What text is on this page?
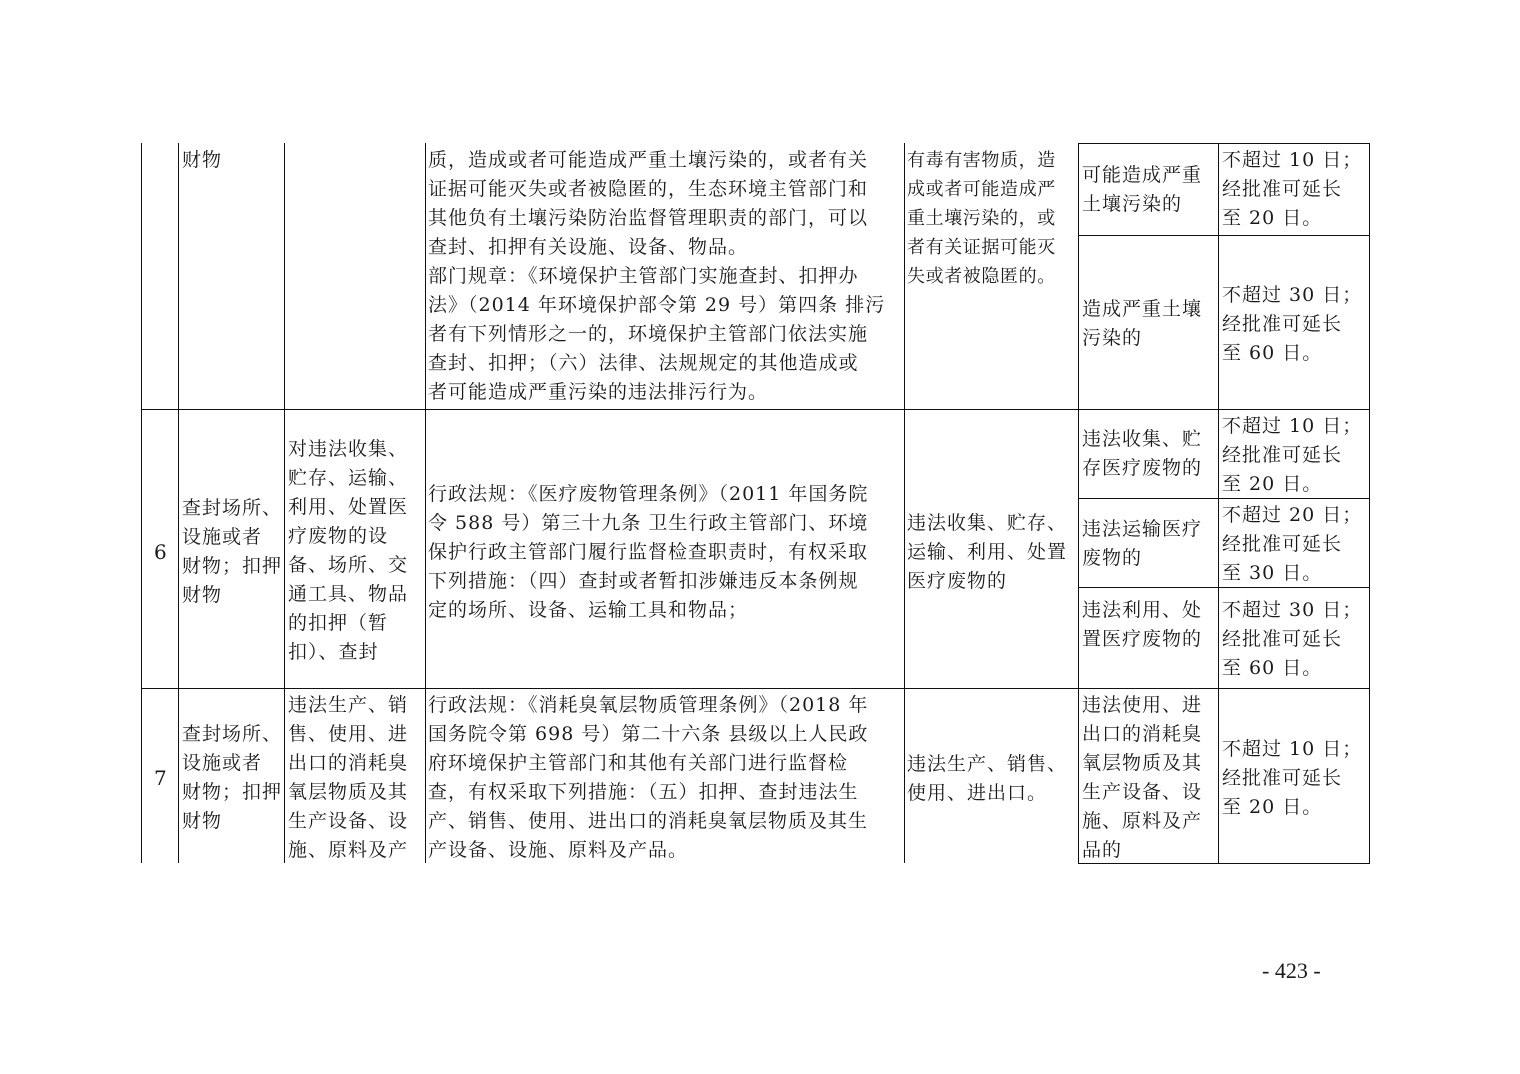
财物	质，造成或者可能造成严重土壤污染的，或者有关
证据可能灭失或者被隐匿的，生态环境主管部门和
其他负有土壤污染防治监督管理职责的部门，可以
查封、扣押有关设施、设备、物品。
部门规章：《环境保护主管部门实施查封、扣押办
法》（2014 年环境保护部令第 29 号）第四条 排污
者有下列情形之一的，环境保护主管部门依法实施
查封、扣押；（六）法律、法规规定的其他造成或
者可能造成严重污染的违法排污行为。
有毒有害物质，造
成或者可能造成严
重土壤污染的，或
者有关证据可能灭
失或者被隐匿的。
可能造成严重
土壤污染的
不超过 10 日；
经批准可延长
至 20 日。
造成严重土壤
污染的
不超过 30 日；
经批准可延长
至 60 日。
6
查封场所、
设施或者
财物；扣押
财物
对违法收集、
贮存、运输、
利用、处置医
疗废物的设
备、场所、交
通工具、物品
的扣押（暂
扣）、查封
行政法规：《医疗废物管理条例》（2011 年国务院
令 588 号）第三十九条 卫生行政主管部门、环境
保护行政主管部门履行监督检查职责时，有权采取
下列措施：（四）查封或者暂扣涉嫌违反本条例规
定的场所、设备、运输工具和物品；
违法收集、贮存、
运输、利用、处置
医疗废物的
违法收集、贮
存医疗废物的
不超过 10 日；
经批准可延长
至 20 日。
违法运输医疗
废物的
不超过 20 日；
经批准可延长
至 30 日。
违法利用、处
置医疗废物的
不超过 30 日；
经批准可延长
至 60 日。
7
查封场所、
设施或者
财物；扣押
财物
违法生产、销
售、使用、进
出口的消耗臭
氧层物质及其
生产设备、设
施、原料及产
行政法规：《消耗臭氧层物质管理条例》（2018 年
国务院令第 698 号）第二十六条 县级以上人民政
府环境保护主管部门和其他有关部门进行监督检
查，有权采取下列措施：（五）扣押、查封违法生
产、销售、使用、进出口的消耗臭氧层物质及其生
产设备、设施、原料及产品。
违法生产、销售、
使用、进出口。
违法使用、进
出口的消耗臭
氧层物质及其
生产设备、设
施、原料及产
品的
不超过 10 日；
经批准可延长
至 20 日。
- 423 -
